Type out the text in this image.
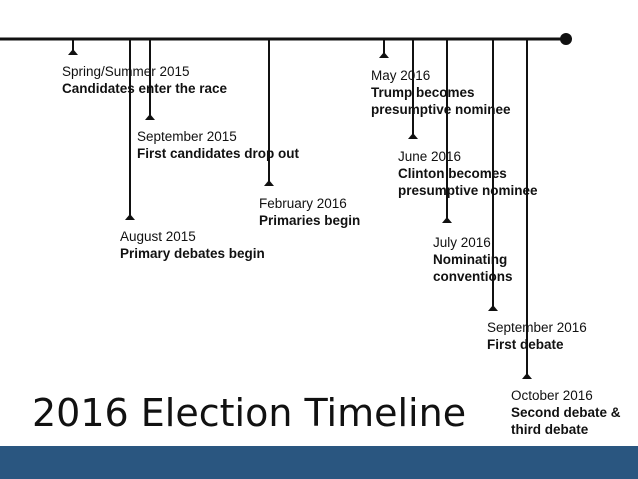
Spring/Summer 2015
Candidates enter the race
September 2015
First candidates drop out
August 2015
Primary debates begin
February 2016
Primaries begin
May 2016
Trump becomes
presumptive nominee
June 2016
Clinton becomes
presumptive nominee
July 2016
Nominating
conventions
September 2016
First debate
October 2016
Second debate &
third debate
2016 Election Timeline
